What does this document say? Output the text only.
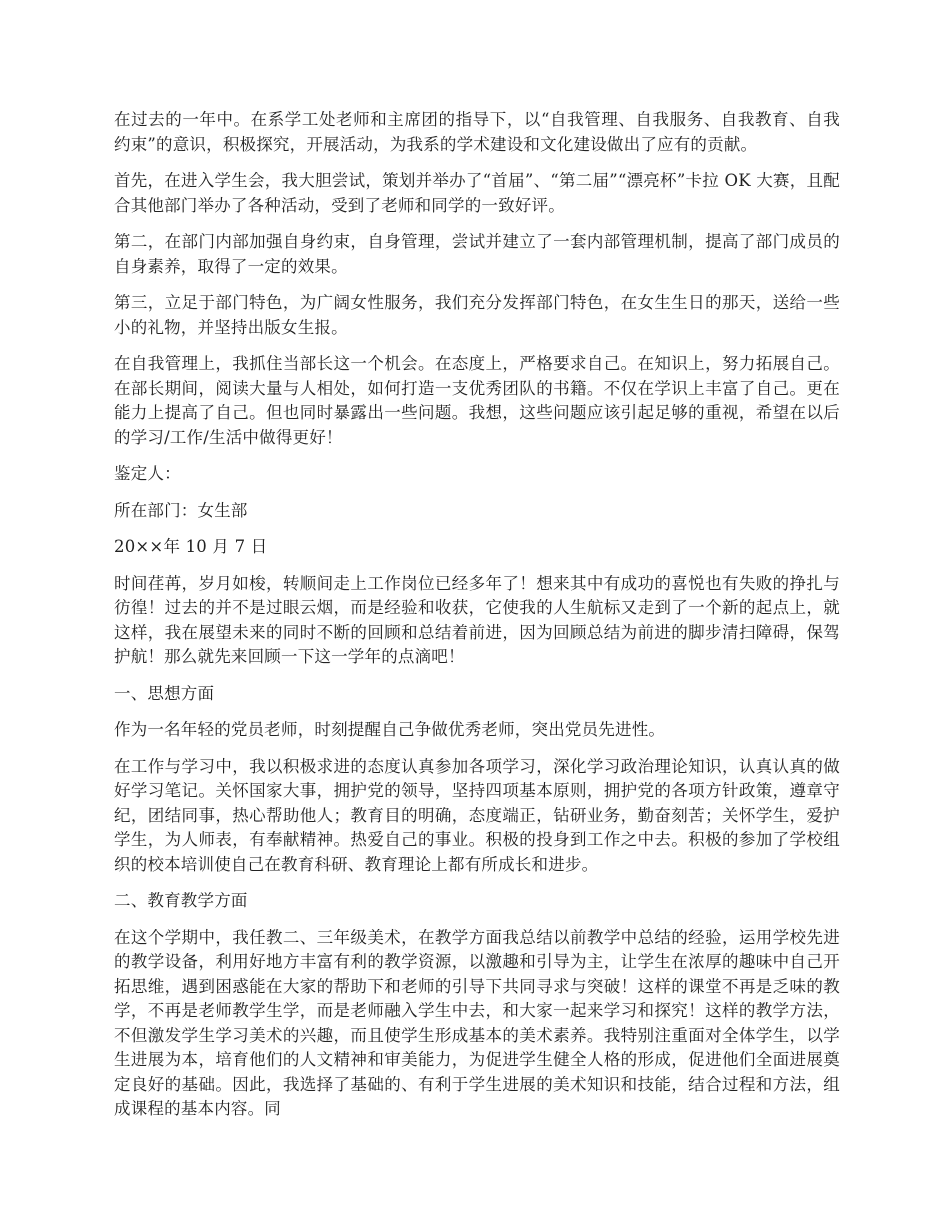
在过去的一年中。在系学工处老师和主席团的指导下，以“自我管理、自我服务、自我教育、自我约束”的意识，积极探究，开展活动，为我系的学术建设和文化建设做出了应有的贡献。

首先，在进入学生会，我大胆尝试，策划并举办了“首届”、“第二届”“漂亮杯”卡拉 OK 大赛，且配合其他部门举办了各种活动，受到了老师和同学的一致好评。

第二，在部门内部加强自身约束，自身管理，尝试并建立了一套内部管理机制，提高了部门成员的自身素养，取得了一定的效果。

第三，立足于部门特色，为广阔女性服务，我们充分发挥部门特色，在女生生日的那天，送给一些小的礼物，并坚持出版女生报。

在自我管理上，我抓住当部长这一个机会。在态度上，严格要求自己。在知识上，努力拓展自己。在部长期间，阅读大量与人相处，如何打造一支优秀团队的书籍。不仅在学识上丰富了自己。更在能力上提高了自己。但也同时暴露出一些问题。我想，这些问题应该引起足够的重视，希望在以后的学习/工作/生活中做得更好！

鉴定人：

所在部门：女生部

20××年 10 月 7 日

时间荏苒，岁月如梭，转顺间走上工作岗位已经多年了！想来其中有成功的喜悦也有失败的挣扎与彷徨！过去的并不是过眼云烟，而是经验和收获，它使我的人生航标又走到了一个新的起点上，就这样，我在展望未来的同时不断的回顾和总结着前进，因为回顾总结为前进的脚步清扫障碍，保驾护航！那么就先来回顾一下这一学年的点滴吧！

一、思想方面

作为一名年轻的党员老师，时刻提醒自己争做优秀老师，突出党员先进性。

在工作与学习中，我以积极求进的态度认真参加各项学习，深化学习政治理论知识，认真认真的做好学习笔记。关怀国家大事，拥护党的领导，坚持四项基本原则，拥护党的各项方针政策，遵章守纪，团结同事，热心帮助他人；教育目的明确，态度端正，钻研业务，勤奋刻苦；关怀学生，爱护学生，为人师表，有奉献精神。热爱自己的事业。积极的投身到工作之中去。积极的参加了学校组织的校本培训使自己在教育科研、教育理论上都有所成长和进步。

二、教育教学方面

在这个学期中，我任教二、三年级美术，在教学方面我总结以前教学中总结的经验，运用学校先进的教学设备，利用好地方丰富有利的教学资源，以激趣和引导为主，让学生在浓厚的趣味中自己开拓思维，遇到困惑能在大家的帮助下和老师的引导下共同寻求与突破！这样的课堂不再是乏味的教学，不再是老师教学生学，而是老师融入学生中去，和大家一起来学习和探究！这样的教学方法，不但激发学生学习美术的兴趣，而且使学生形成基本的美术素养。我特别注重面对全体学生，以学生进展为本，培育他们的人文精神和审美能力，为促进学生健全人格的形成，促进他们全面进展奠定良好的基础。因此，我选择了基础的、有利于学生进展的美术知识和技能，结合过程和方法，组成课程的基本内容。同
